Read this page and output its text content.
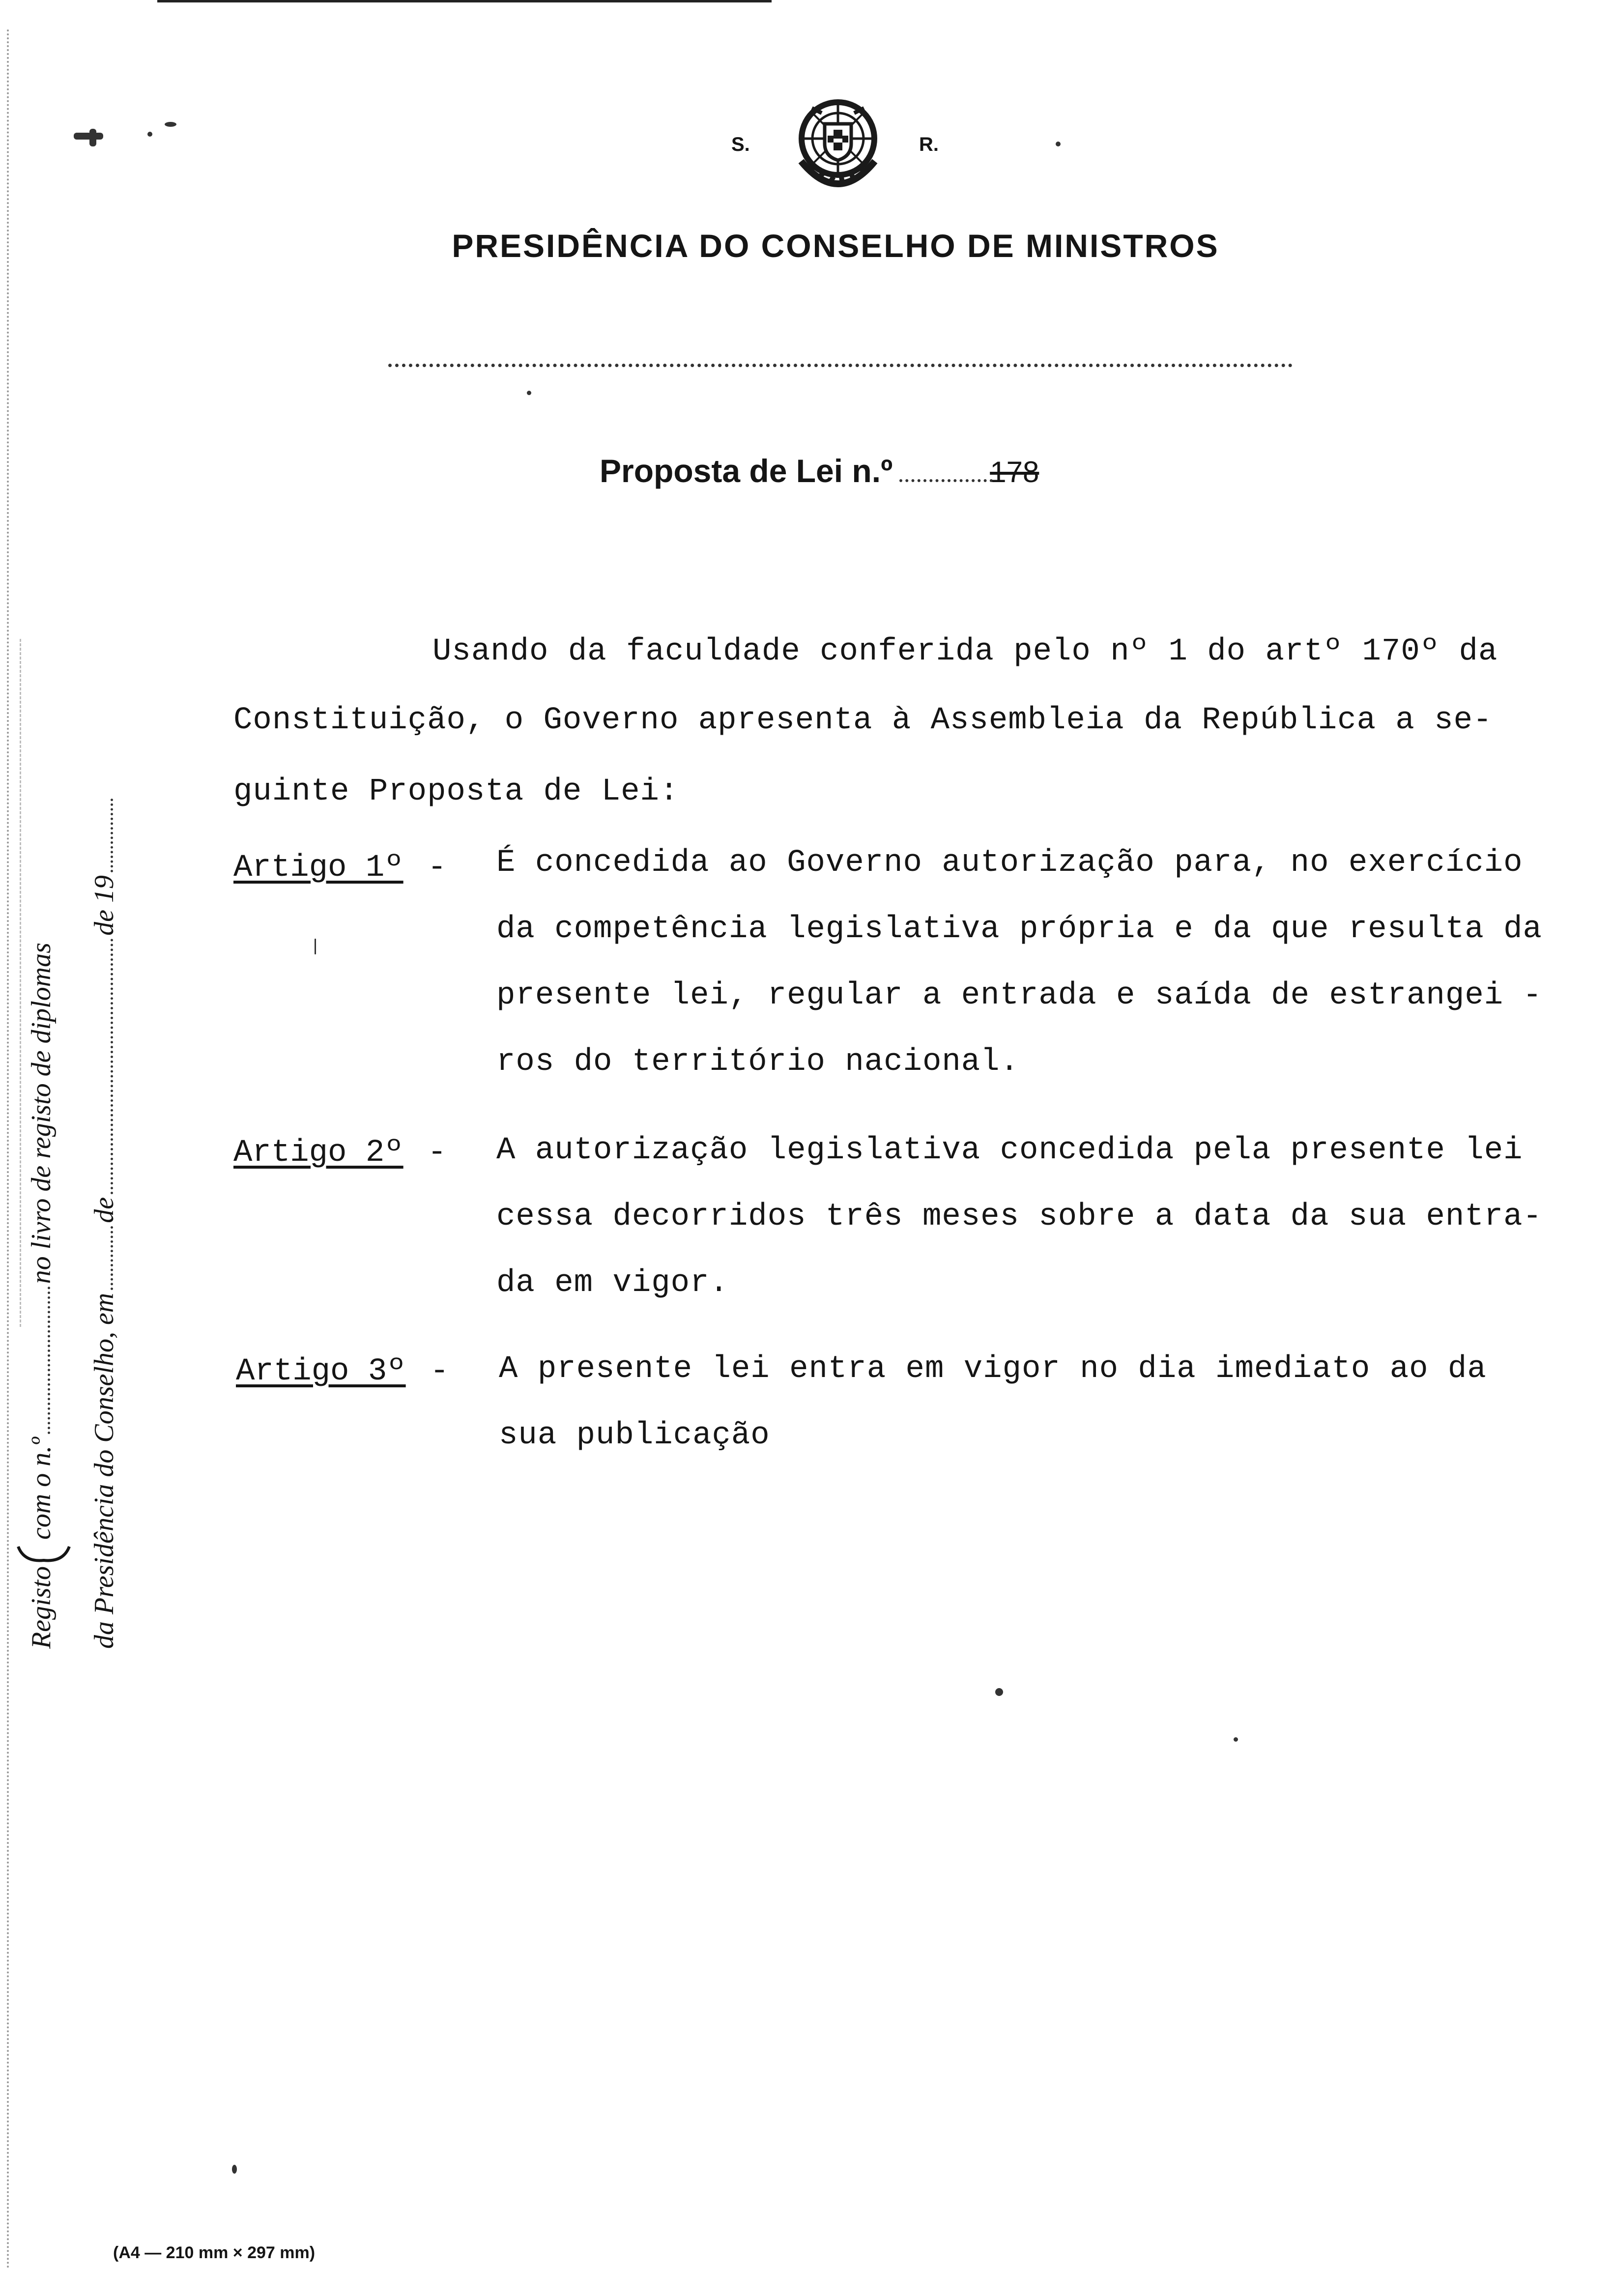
S.	R.
PRESIDÊNCIA DO CONSELHO DE MINISTROS
Proposta de Lei n.º	178
Registocom o n.ºno livro de registo de diplomas
da Presidência do Conselho, emdede 19
Usando da faculdade conferida pelo nº 1 do artº 170º da
Constituição, o Governo apresenta à Assembleia da República a se-
guinte Proposta de Lei:
Artigo 1º - É concedida ao Governo autorização para, no exercício
da competência legislativa própria e da que resulta da
presente lei, regular a entrada e saída de estrangei -
ros do território nacional.
Artigo 2º - A autorização legislativa concedida pela presente lei
cessa decorridos três meses sobre a data da sua entra-
da em vigor.
Artigo 3º - A presente lei entra em vigor no dia imediato ao da
sua publicação
(A4 — 210 mm × 297 mm)
